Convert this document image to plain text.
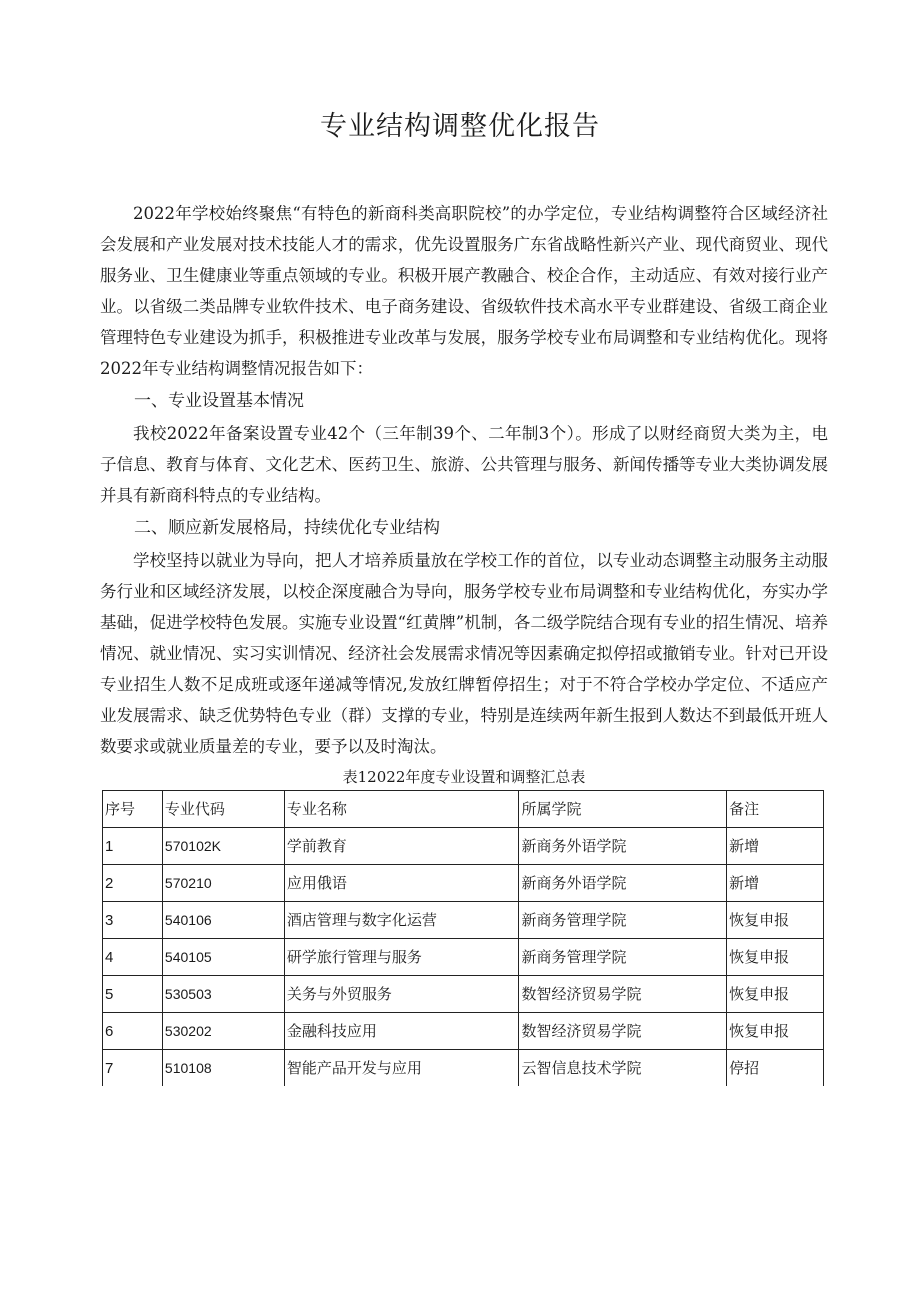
专业结构调整优化报告

2022年学校始终聚焦“有特色的新商科类高职院校”的办学定位，专业结构调整符合区域经济社会发展和产业发展对技术技能人才的需求，优先设置服务广东省战略性新兴产业、现代商贸业、现代服务业、卫生健康业等重点领域的专业。积极开展产教融合、校企合作，主动适应、有效对接行业产业。以省级二类品牌专业软件技术、电子商务建设、省级软件技术高水平专业群建设、省级工商企业管理特色专业建设为抓手，积极推进专业改革与发展，服务学校专业布局调整和专业结构优化。现将2022年专业结构调整情况报告如下：

一、专业设置基本情况

我校2022年备案设置专业42个（三年制39个、二年制3个）。形成了以财经商贸大类为主，电子信息、教育与体育、文化艺术、医药卫生、旅游、公共管理与服务、新闻传播等专业大类协调发展并具有新商科特点的专业结构。

二、顺应新发展格局，持续优化专业结构

学校坚持以就业为导向，把人才培养质量放在学校工作的首位，以专业动态调整主动服务主动服务行业和区域经济发展，以校企深度融合为导向，服务学校专业布局调整和专业结构优化，夯实办学基础，促进学校特色发展。实施专业设置“红黄牌”机制，各二级学院结合现有专业的招生情况、培养情况、就业情况、实习实训情况、经济社会发展需求情况等因素确定拟停招或撤销专业。针对已开设专业招生人数不足成班或逐年递减等情况,发放红牌暂停招生；对于不符合学校办学定位、不适应产业发展需求、缺乏优势特色专业（群）支撑的专业，特别是连续两年新生报到人数达不到最低开班人数要求或就业质量差的专业，要予以及时淘汰。

表12022年度专业设置和调整汇总表
序号	专业代码	专业名称	所属学院	备注
1	570102K	学前教育	新商务外语学院	新增
2	570210	应用俄语	新商务外语学院	新增
3	540106	酒店管理与数字化运营	新商务管理学院	恢复申报
4	540105	研学旅行管理与服务	新商务管理学院	恢复申报
5	530503	关务与外贸服务	数智经济贸易学院	恢复申报
6	530202	金融科技应用	数智经济贸易学院	恢复申报
7	510108	智能产品开发与应用	云智信息技术学院	停招
